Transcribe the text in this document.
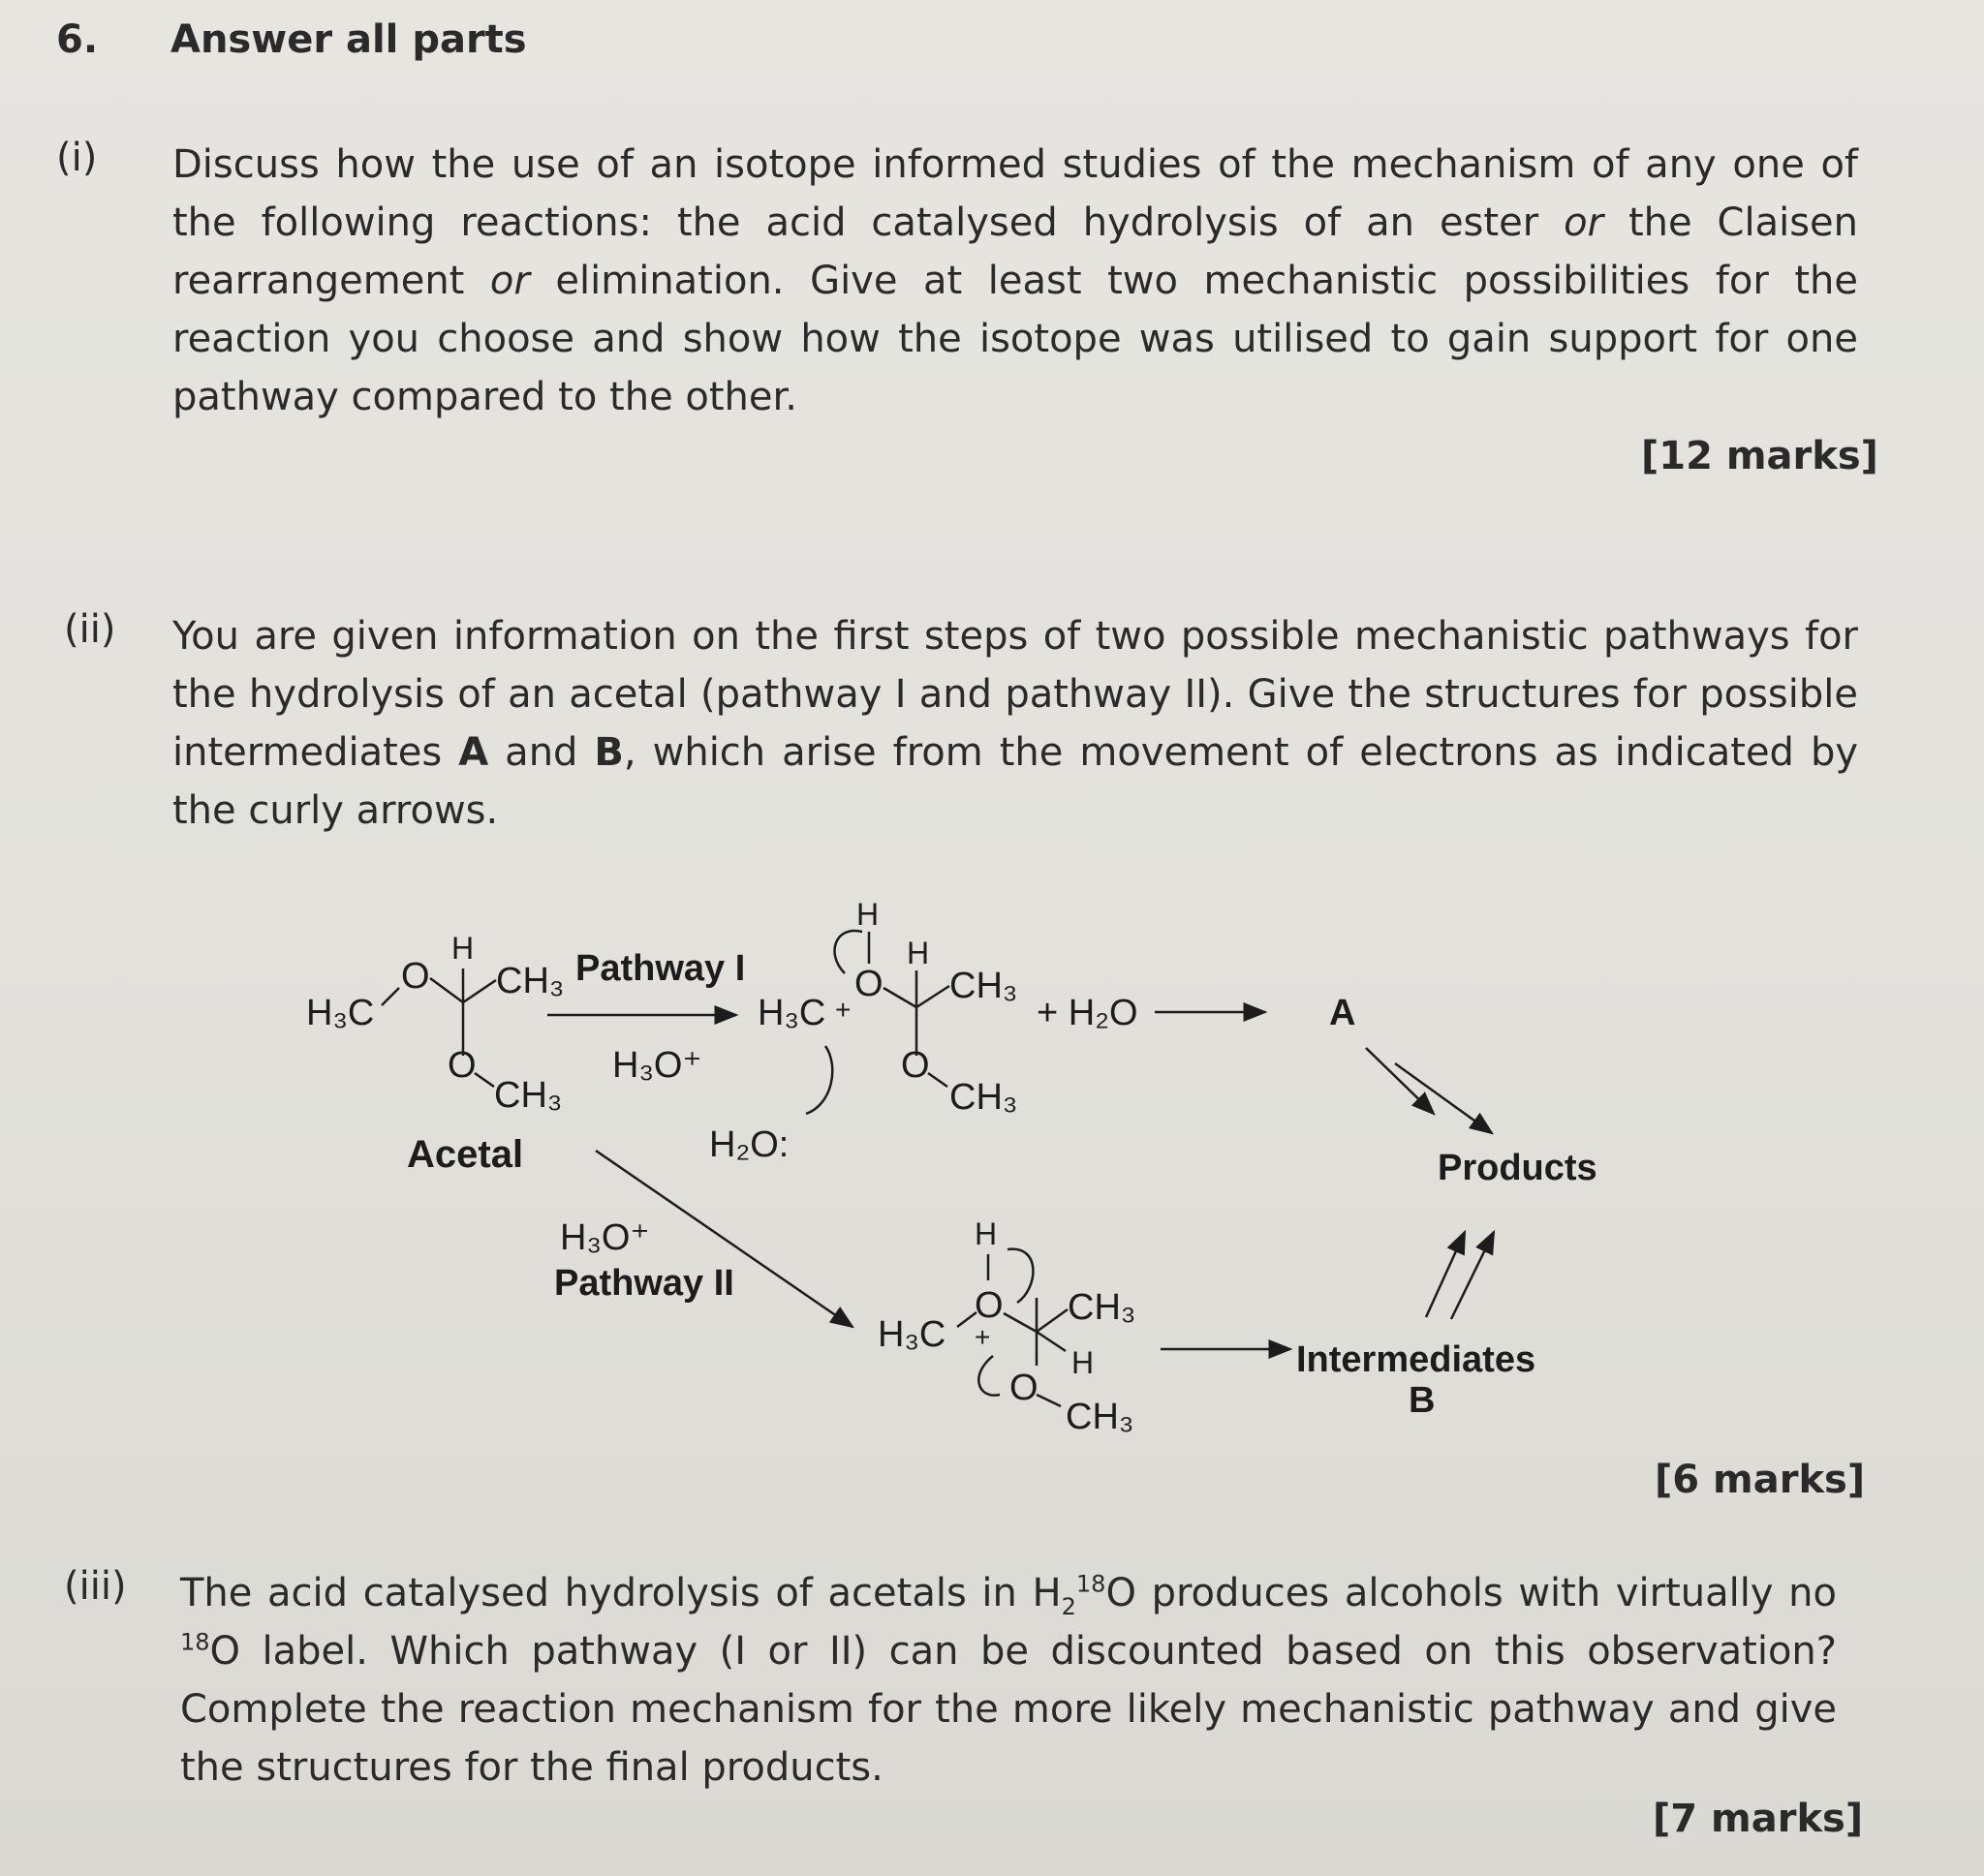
6. Answer all parts
(i) Discuss how the use of an isotope informed studies of the mechanism of any one of the following reactions: the acid catalysed hydrolysis of an ester or the Claisen rearrangement or elimination. Give at least two mechanistic possibilities for the reaction you choose and show how the isotope was utilised to gain support for one pathway compared to the other.
[12 marks]
(ii) You are given information on the first steps of two possible mechanistic pathways for the hydrolysis of an acetal (pathway I and pathway II). Give the structures for possible intermediates A and B, which arise from the movement of electrons as indicated by the curly arrows.
H₃C
O
H
CH₃
O
CH₃
Acetal
Pathway I
H₃O⁺
H₃C +
O
H
H
CH₃
O
CH₃
H₂O:
+ H₂O	A
Products
H₃O⁺
Pathway II
H
O
+
H₃C
CH₃
H
O
CH₃
Intermediates
B
[6 marks]
(iii) The acid catalysed hydrolysis of acetals in $H_2^{18}O$ produces alcohols with virtually no $^{18}$O label. Which pathway (I or II) can be discounted based on this observation? Complete the reaction mechanism for the more likely mechanistic pathway and give the structures for the final products.
[7 marks]
